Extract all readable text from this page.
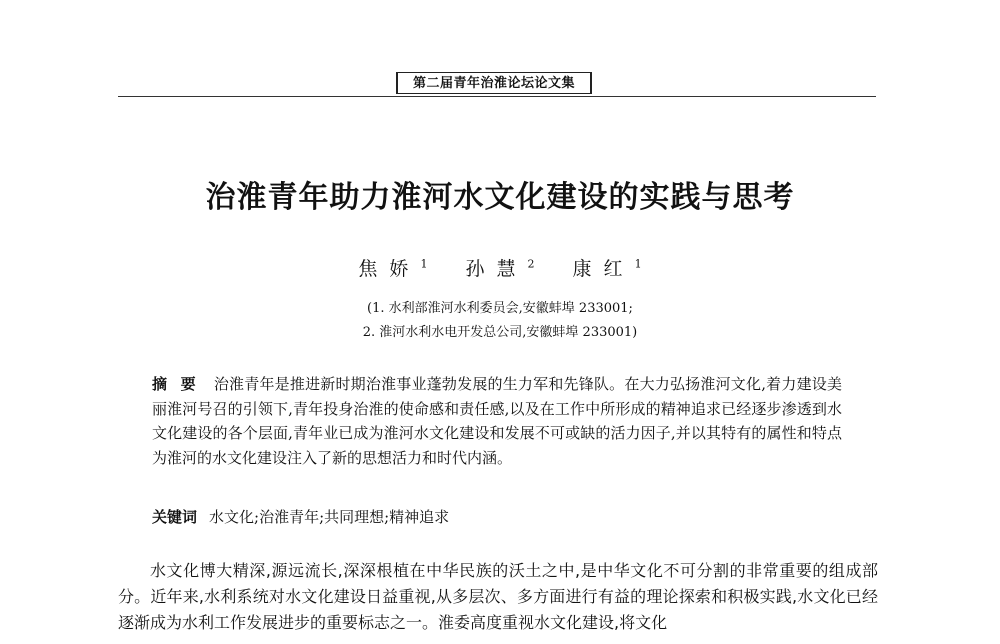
第二届青年治淮论坛论文集
治淮青年助力淮河水文化建设的实践与思考
焦娇$^1$ 孙慧$^2$ 康红$^1$
(1. 水利部淮河水利委员会,安徽蚌埠 233001;
2. 淮河水利水电开发总公司,安徽蚌埠 233001)
摘 要 治淮青年是推进新时期治淮事业蓬勃发展的生力军和先锋队。在大力弘扬淮河文化,着力建设美丽淮河号召的引领下,青年投身治淮的使命感和责任感,以及在工作中所形成的精神追求已经逐步渗透到水文化建设的各个层面,青年业已成为淮河水文化建设和发展不可或缺的活力因子,并以其特有的属性和特点为淮河的水文化建设注入了新的思想活力和时代内涵。
关键词 水文化;治淮青年;共同理想;精神追求

水文化博大精深,源远流长,深深根植在中华民族的沃土之中,是中华文化不可分割的非常重要的组成部分。近年来,水利系统对水文化建设日益重视,从多层次、多方面进行有益的理论探索和积极实践,水文化已经逐渐成为水利工作发展进步的重要标志之一。淮委高度重视水文化建设,将文化
